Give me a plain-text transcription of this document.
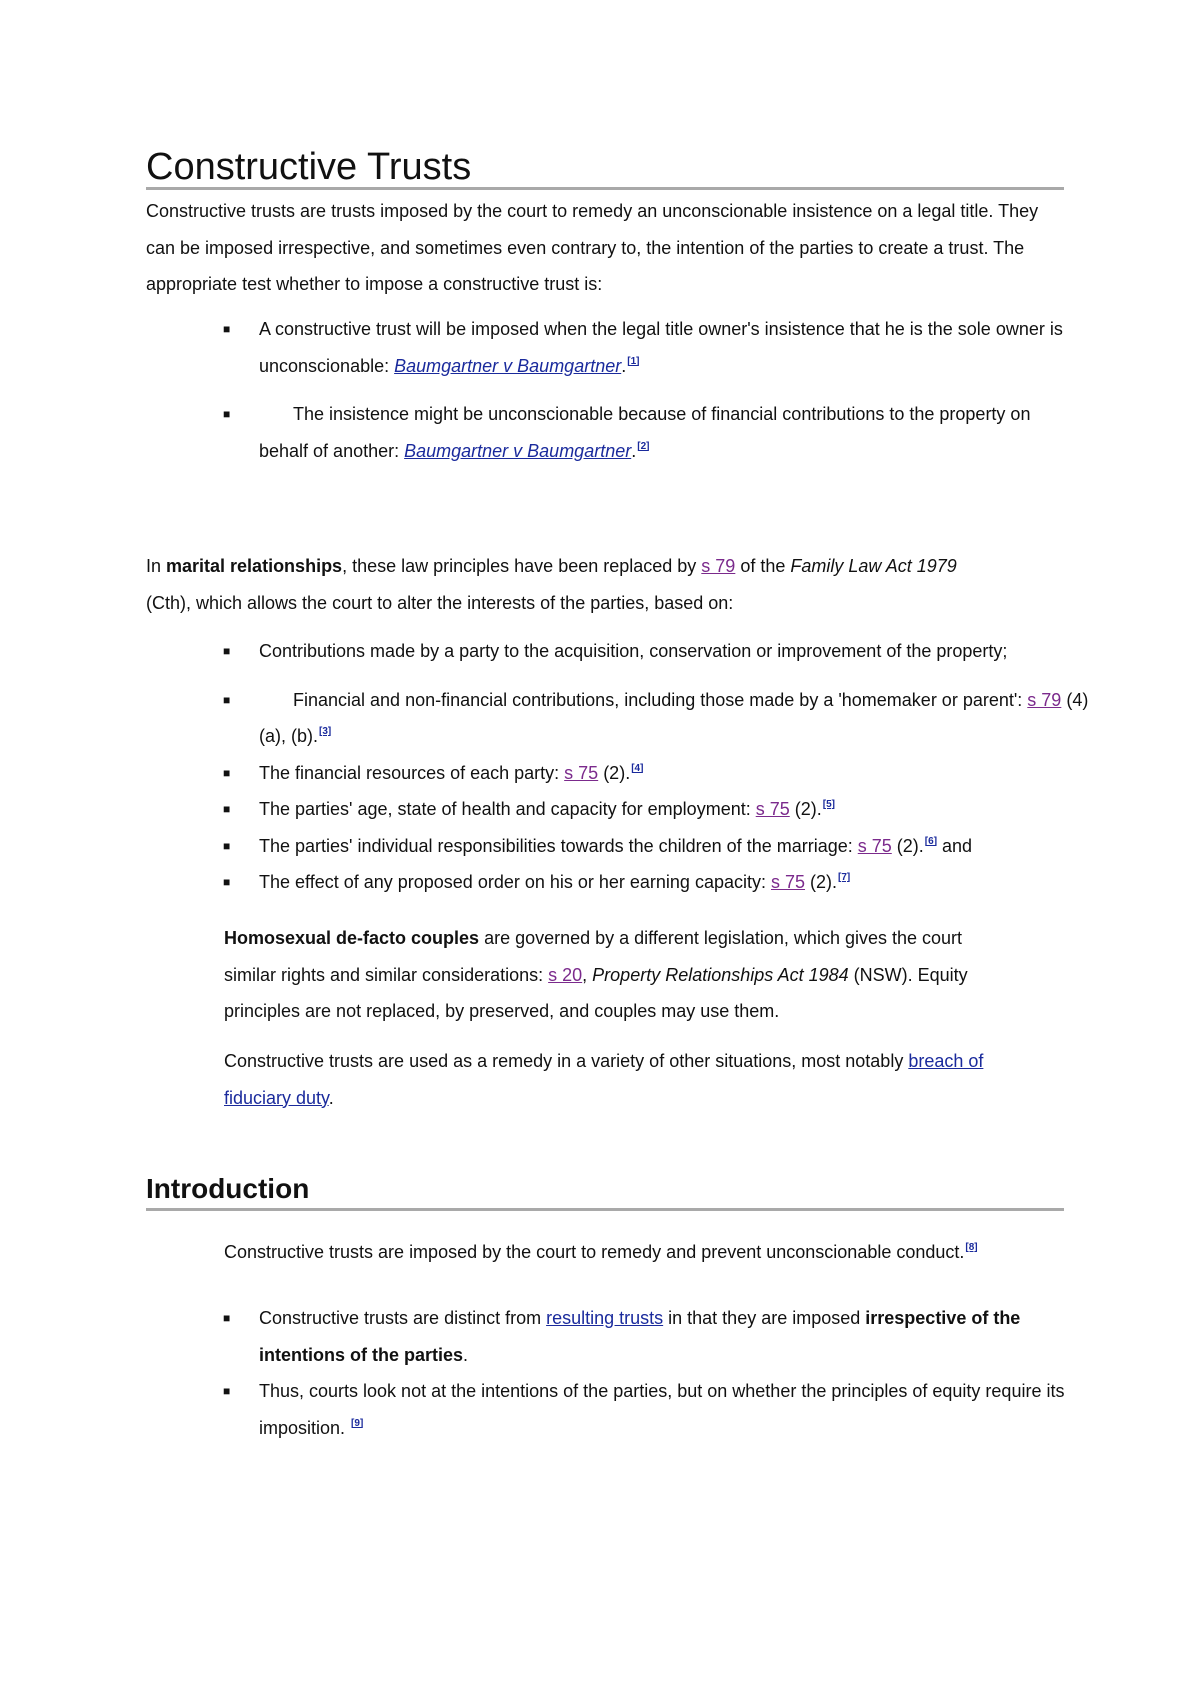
Constructive Trusts

Constructive trusts are trusts imposed by the court to remedy an unconscionable insistence on a legal title. They can be imposed irrespective, and sometimes even contrary to, the intention of the parties to create a trust. The appropriate test whether to impose a constructive trust is:

■ A constructive trust will be imposed when the legal title owner's insistence that he is the sole owner is unconscionable: Baumgartner v Baumgartner.[1]
■	The insistence might be unconscionable because of financial contributions to the property on behalf of another: Baumgartner v Baumgartner.[2]

In marital relationships, these law principles have been replaced by s 79 of the Family Law Act 1979 (Cth), which allows the court to alter the interests of the parties, based on:

■ Contributions made by a party to the acquisition, conservation or improvement of the property;
■	Financial and non-financial contributions, including those made by a 'homemaker or parent': s 79 (4) (a), (b).[3]
■ The financial resources of each party: s 75 (2).[4]
■ The parties' age, state of health and capacity for employment: s 75 (2).[5]
■ The parties' individual responsibilities towards the children of the marriage: s 75 (2).[6] and
■ The effect of any proposed order on his or her earning capacity: s 75 (2).[7]

Homosexual de-facto couples are governed by a different legislation, which gives the court similar rights and similar considerations: s 20, Property Relationships Act 1984 (NSW). Equity principles are not replaced, by preserved, and couples may use them.

Constructive trusts are used as a remedy in a variety of other situations, most notably breach of fiduciary duty.

Introduction

Constructive trusts are imposed by the court to remedy and prevent unconscionable conduct.[8]

■ Constructive trusts are distinct from resulting trusts in that they are imposed irrespective of the intentions of the parties.
■ Thus, courts look not at the intentions of the parties, but on whether the principles of equity require its imposition. [9]
